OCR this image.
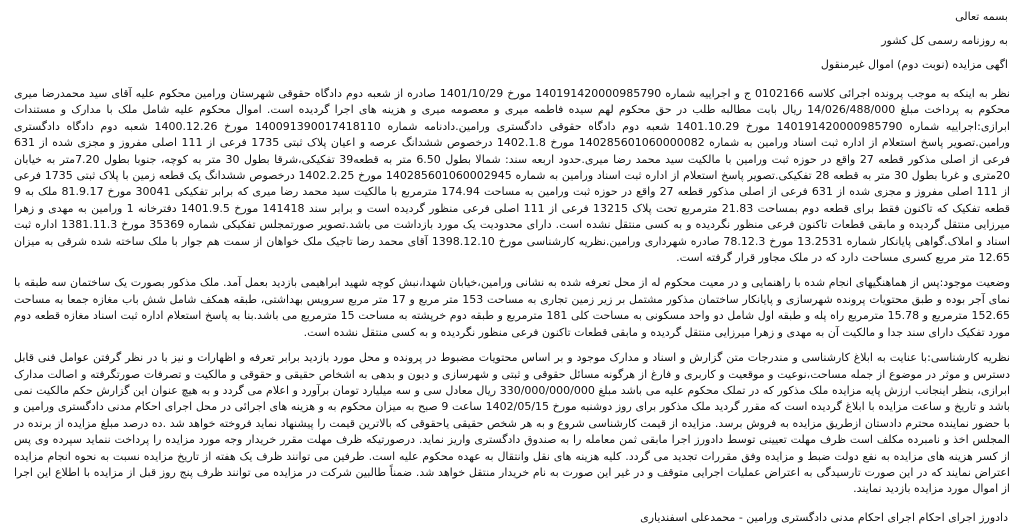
بسمه تعالی
به روزنامه رسمی کل کشور
اگهی مزایده (نوبت دوم) اموال غیرمنقول
نظر به اینکه به موجب پرونده اجرائی کلاسه 0102166 ج و اجراییه شماره 140191420000985790 مورخ 1401/10/29 صادره از شعبه دوم دادگاه حقوقی شهرستان ورامین محکوم علیه آقای سید محمدرضا میری محکوم به پرداخت مبلغ 14/026/488/000 ریال بابت مطالبه طلب در حق محکوم لهم سیده فاطمه میری و معصومه میری و هزینه های اجرا گردیده است. اموال محکوم علیه شامل ملک با مدارک و مستندات ابرازی:اجراییه شماره 140191420000985790 مورخ 1401.10.29 شعبه دوم دادگاه حقوقی دادگستری ورامین.دادنامه شماره 140091390017418110 مورخ 1400.12.26 شعبه دوم دادگاه دادگستری ورامین.تصویر پاسخ استعلام از اداره ثبت اسناد ورامین به شماره 140285601060000082 مورخ 1402.1.8 درخصوص ششدانگ عرصه و اعیان پلاک ثبتی 1735 فرعی از 111 اصلی مفروز و مجزی شده از 631 فرعی از اصلی مذکور قطعه 27 واقع در حوزه ثبت ورامین با مالکیت سید محمد رضا میری.حدود اربعه سند: شمالا بطول 6.50 متر به قطعه39 تفکیکی،شرقا بطول 30 متر به کوچه، جنوبا بطول 7.20متر به خیابان 20متری و غربا بطول 30 متر به قطعه 28 تفکیکی.تصویر پاسخ استعلام از اداره ثبت اسناد ورامین به شماره 140285601060002945 مورخ 1402.2.25 درخصوص ششدانگ یک قطعه زمین با پلاک ثبتی 1735 فرعی از 111 اصلی مفروز و مجزی شده از 631 فرعی از اصلی مذکور قطعه 27 واقع در حوزه ثبت ورامین به مساحت 174.94 مترمربع با مالکیت سید محمد رضا میری که برابر تفکیکی 30041 مورخ 81.9.17 ملک به 9 قطعه تفکیک که تاکنون فقط برای قطعه دوم بمساحت 21.83 مترمربع تحت پلاک 13215 فرعی از 111 اصلی فرعی منظور گردیده است و برابر سند 141418 مورخ 1401.9.5 دفترخانه 1 ورامین به مهدی و زهرا میرزایی منتقل گردیده و مابقی قطعات تاکنون فرعی منظور نگردیده و به کسی منتقل نشده است. دارای محدودیت یک مورد بازداشت می باشد.تصویر صورتمجلس تفکیکی شماره 35369 مورخ 1381.11.3 اداره ثبت اسناد و املاک.گواهی پایانکار شماره 13.2531 مورخ 78.12.3 صادره شهرداری ورامین.نظریه کارشناسی مورخ 1398.12.10 آقای محمد رضا تاجیک ملک خواهان از سمت هم جوار با ملک ساخته شده شرقی به میزان 12.65 متر مربع کسری مساحت دارد که در ملک مجاور قرار گرفته است.
وضعیت موجود:پس از هماهنگیهای انجام شده با راهنمایی و در معیت محکوم له از محل تعرفه شده به نشانی ورامین،خیابان شهدا،نبش کوچه شهید ابراهیمی بازدید بعمل آمد. ملک مذکور بصورت یک ساختمان سه طبقه با نمای آجر بوده و طبق محتویات پرونده شهرسازی و پایانکار ساختمان مذکور مشتمل بر زیر زمین تجاری به مساحت 153 متر مربع و 17 متر مربع سرویس بهداشتی، طبقه همکف شامل شش باب مغازه جمعا به مساحت 152.65 مترمربع و 15.78 مترمربع راه پله و طبقه اول شامل دو واحد مسکونی به مساحت کلی 181 مترمربع و طبقه دوم خرپشته به مساحت 15 مترمربع می باشد.بنا به پاسخ استعلام اداره ثبت اسناد مغازه قطعه دوم مورد تفکیک دارای سند جدا و مالکیت آن به مهدی و زهرا میرزایی منتقل گردیده و مابقی قطعات تاکنون فرعی منظور نگردیده و به کسی منتقل نشده است.
نظریه کارشناسی:با عنایت به ابلاغ کارشناسی و مندرجات متن گزارش و اسناد و مدارک موجود و بر اساس محتویات مضبوط در پرونده و محل مورد بازدید برابر تعرفه و اظهارات و نیز با در نظر گرفتن عوامل فنی قابل دسترس و موثر در موضوع از جمله مساحت،نوعیت و موقعیت و کاربری و فارغ از هرگونه مسائل حقوقی و ثبتی و شهرسازی و دیون و بدهی به اشخاص حقیقی و حقوقی و مالکیت و تصرفات صورتگرفته و اصالت مدارک ابرازی، بنظر اینجانب ارزش پایه مزایده ملک مذکور که در تملک محکوم علیه می باشد مبلغ 330/000/000/000 ریال معادل سی و سه میلیارد تومان برآورد و اعلام می گردد و به هیچ عنوان این گزارش حکم مالکیت نمی باشد و تاریخ و ساعت مزایده با ابلاغ گردیده است که مقرر گردید ملک مذکور برای روز دوشنبه مورخ 1402/05/15 ساعت 9 صبح به میزان محکوم به و هزینه های اجرائی در محل اجرای احکام مدنی دادگستری ورامین و با حضور نماینده محترم دادستان ازطریق مزایده به فروش برسد. مزایده از قیمت کارشناسی شروع و به هر شخص حقیقی یاحقوقی که بالاترین قیمت را پیشنهاد نماید فروخته خواهد شد .ده درصد مبلغ مزایده از برنده در المجلس اخذ و نامبرده مکلف است ظرف مهلت تعیینی توسط دادورز اجرا مابقی ثمن معامله را به صندوق دادگستری واریز نماید. درصورتیکه ظرف مهلت مقرر خریدار وجه مورد مزایده را پرداخت ننماید سپرده وی پس از کسر هزینه های مزایده به نفع دولت ضبط و مزایده وفق مقررات تجدید می گردد. کلیه هزینه های نقل وانتقال به عهده محکوم علیه است. طرفین می توانند ظرف یک هفته از تاریخ مزایده نسبت به نحوه انجام مزایده اعتراض نمایند که در این صورت تارسیدگی به اعتراض عملیات اجرایی متوقف و در غیر این صورت به نام خریدار منتقل خواهد شد. ضمناً طالبین شرکت در مزایده می توانند ظرف پنج روز قبل از مزایده با اطلاع این اجرا از اموال مورد مزایده بازدید نمایند.
دادورز اجرای احکام اجرای احکام مدنی دادگستری ورامین - محمدعلی اسفندیاری
